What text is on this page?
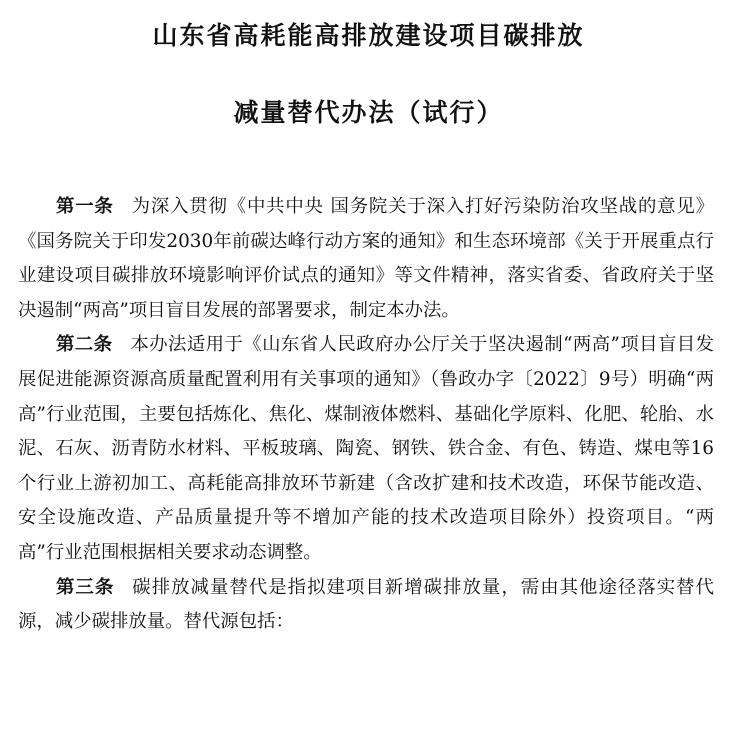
山东省高耗能高排放建设项目碳排放
减量替代办法（试行）

第一条 为深入贯彻《中共中央 国务院关于深入打好污染防治攻坚战的意见》《国务院关于印发2030年前碳达峰行动方案的通知》和生态环境部《关于开展重点行业建设项目碳排放环境影响评价试点的通知》等文件精神，落实省委、省政府关于坚决遏制“两高”项目盲目发展的部署要求，制定本办法。

第二条 本办法适用于《山东省人民政府办公厅关于坚决遏制“两高”项目盲目发展促进能源资源高质量配置利用有关事项的通知》（鲁政办字〔2022〕9号）明确“两高”行业范围，主要包括炼化、焦化、煤制液体燃料、基础化学原料、化肥、轮胎、水泥、石灰、沥青防水材料、平板玻璃、陶瓷、钢铁、铁合金、有色、铸造、煤电等16个行业上游初加工、高耗能高排放环节新建（含改扩建和技术改造，环保节能改造、安全设施改造、产品质量提升等不增加产能的技术改造项目除外）投资项目。“两高”行业范围根据相关要求动态调整。

第三条 碳排放减量替代是指拟建项目新增碳排放量，需由其他途径落实替代源，减少碳排放量。替代源包括：
